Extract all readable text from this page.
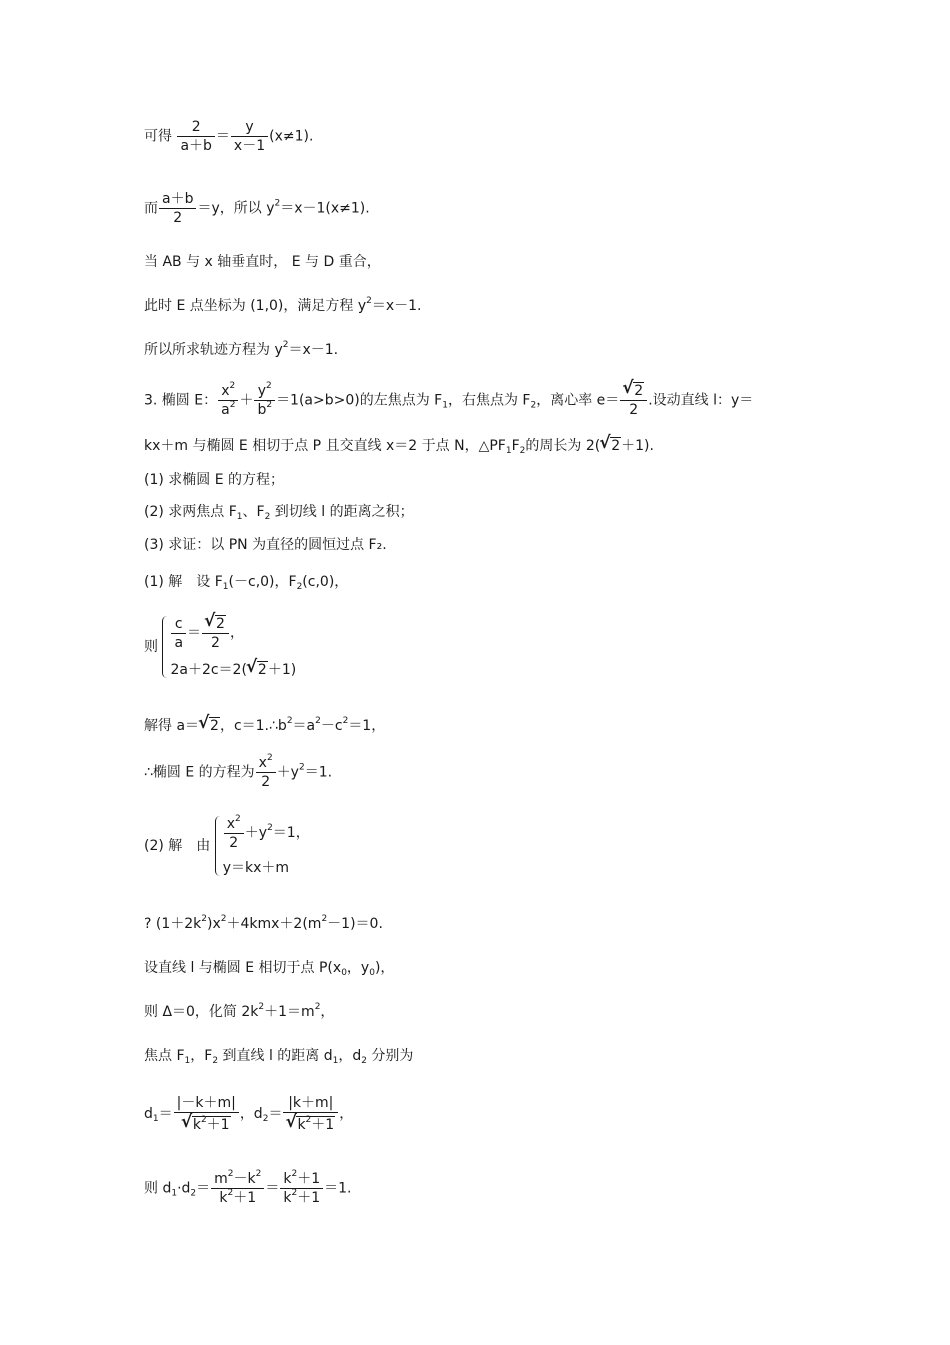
可得 $\frac{2}{a+b} = \frac{y}{x-1} (x\ne 1)$.
而 $\frac{a+b}{2} =y$，所以 $y^2=x-1(x\ne 1)$.
当 AB 与 x 轴垂直时， E 与 D 重合，
此时 E 点坐标为 (1,0)，满足方程 $y^2=x-1$.
所以所求轨迹方程为 $y^2=x-1$.
3. 椭圆 E： $\frac{x^2}{a^2} + \frac{y^2}{b^2} =1(a>b>0)$的左焦点为 $F_1$，右焦点为 $F_2$，离心率 e＝ √ $\frac{2}{2}$ .设动直线 l：y＝
kx＋m 与椭圆 E 相切于点 P 且交直线 x＝2 于点 N，$\triangle PF_1F_2$的周长为 2( √ 2＋1).
(1) 求椭圆 E 的方程；
(2) 求两焦点 $F_1$、$F_2$ 到切线 l 的距离之积；
(3) 求证：以 PN 为直径的圆恒过点 F₂.
(1) 解　设 $F_1(-c,0)$，$F_2(c,0)$，
则 $\frac{c}{a}$ ＝ √ $\frac{2}{2}$ ，
2a＋2c＝2( √ 2＋1)
解得 a＝ √ 2，$c=1.\therefore b^2=a^2-c^2=1$，
∴椭圆 E 的方程为 $\frac{x^2}{2} +y^2=1$.
(2) 解　由 $\frac{x^2}{2} +y^2=1$，
y＝kx＋m
? $(1+2k^2)x^2+4kmx+2(m^2-1)=0$.
设直线 l 与椭圆 E 相切于点 $P(x_0$，$y_0$)，
则 Δ＝0，化简 $2k^2+1=m^2$，
焦点 $F_1$，$F_2$ 到直线 l 的距离 $d_1$，$d_2$ 分别为
$d_1= |-k+m|$
√ $k^2+1$ ，$d_2= |k+m|$
√ $k^2+1$ ，
则 $d_1\cdot d_2= \frac{m^2-k^2}{k^2+1} = \frac{k^2+1}{k^2+1} =1$.
